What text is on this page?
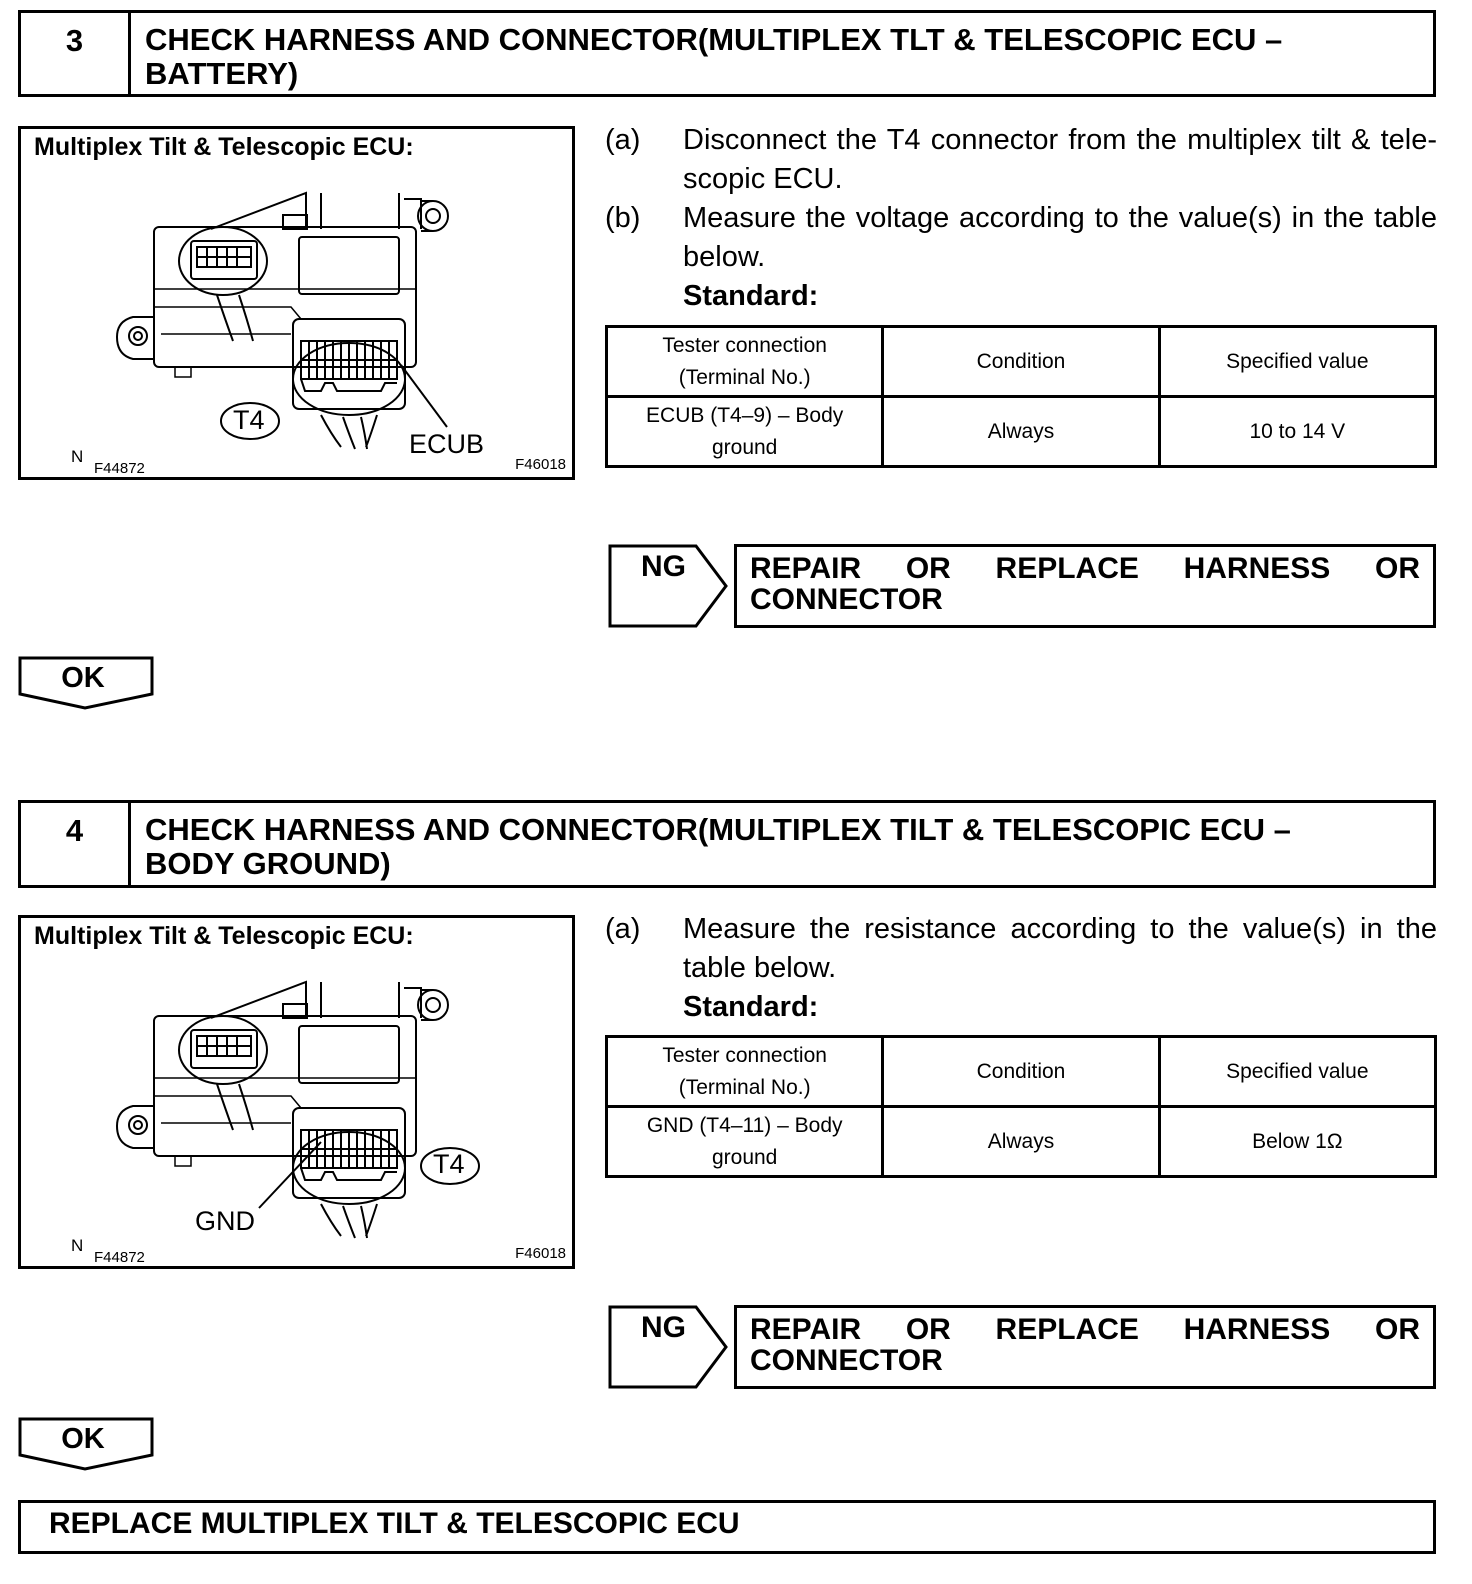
3	CHECK HARNESS AND CONNECTOR(MULTIPLEX TLT & TELESCOPIC ECU –
BATTERY)
Multiplex Tilt & Telescopic ECU:
T4
ECUB
N
F44872	F46018
(a)	Disconnect the T4 connector from the multiplex tilt & tele-scopic ECU.
(b)	Measure the voltage according to the value(s) in the table below.
Standard:
Tester connection (Terminal No.)	Condition	Specified value
ECUB (T4–9) – Body ground	Always	10 to 14 V
NG REPAIR OR REPLACE HARNESS OR
CONNECTOR
OK
4	CHECK HARNESS AND CONNECTOR(MULTIPLEX TILT & TELESCOPIC ECU –
BODY GROUND)
Multiplex Tilt & Telescopic ECU:
T4
GND
N
F44872	F46018
(a)	Measure the resistance according to the value(s) in the table below.
Standard:
Tester connection (Terminal No.)	Condition	Specified value
GND (T4–11) – Body ground	Always	Below 1Ω
NG REPAIR OR REPLACE HARNESS OR
CONNECTOR
OK
REPLACE MULTIPLEX TILT & TELESCOPIC ECU
